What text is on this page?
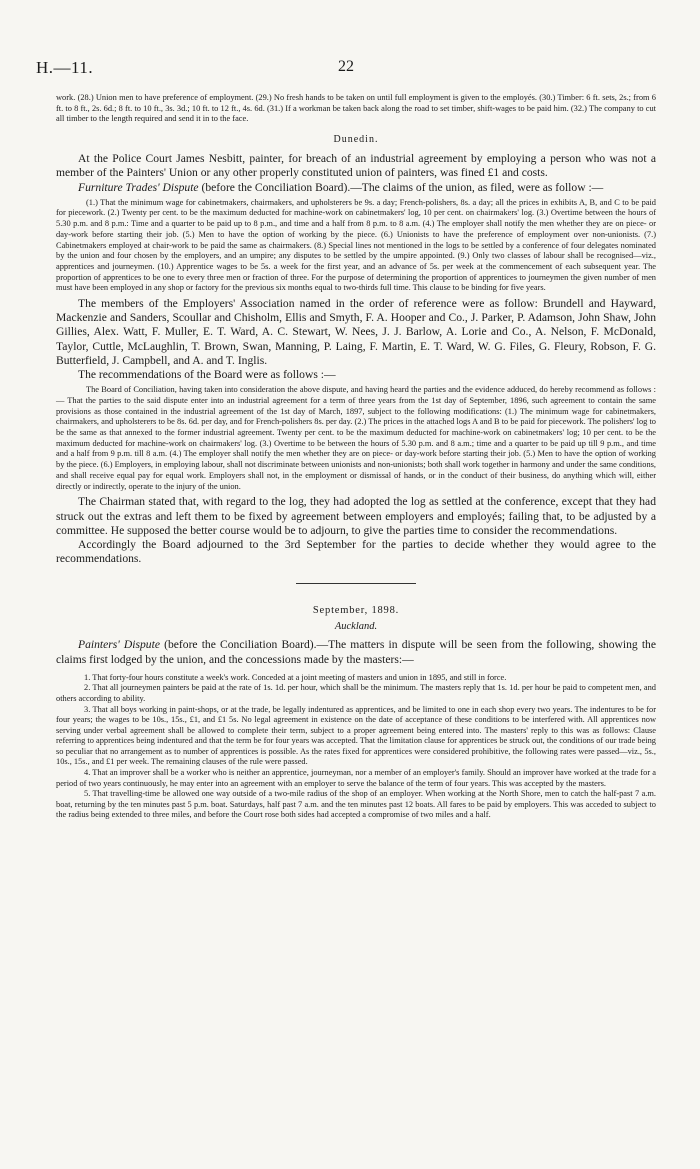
H.—11.	22

work. (28.) Union men to have preference of employment. (29.) No fresh hands to be taken on until full employment is given to the employés. (30.) Timber: 6 ft. sets, 2s.; from 6 ft. to 8 ft., 2s. 6d.; 8 ft. to 10 ft., 3s. 3d.; 10 ft. to 12 ft., 4s. 6d. (31.) If a workman be taken back along the road to set timber, shift-wages to be paid him. (32.) The company to cut all timber to the length required and send it in to the face.

Dunedin.

At the Police Court James Nesbitt, painter, for breach of an industrial agreement by employing a person who was not a member of the Painters' Union or any other properly constituted union of painters, was fined £1 and costs.

Furniture Trades' Dispute (before the Conciliation Board).—The claims of the union, as filed, were as follow :—

(1.) That the minimum wage for cabinetmakers, chairmakers, and upholsterers be 9s. a day; French-polishers, 8s. a day; all the prices in exhibits A, B, and C to be paid for piecework. (2.) Twenty per cent. to be the maximum deducted for machine-work on cabinetmakers' log, 10 per cent. on chairmakers' log. (3.) Overtime between the hours of 5.30 p.m. and 8 p.m.: Time and a quarter to be paid up to 8 p.m., and time and a half from 8 p.m. to 8 a.m. (4.) The employer shall notify the men whether they are on piece- or day-work before starting their job. (5.) Men to have the option of working by the piece. (6.) Unionists to have the preference of employment over non-unionists. (7.) Cabinetmakers employed at chair-work to be paid the same as chairmakers. (8.) Special lines not mentioned in the logs to be settled by a conference of four delegates nominated by the union and four chosen by the employers, and an umpire; any disputes to be settled by the umpire appointed. (9.) Only two classes of labour shall be recognised—viz., apprentices and journeymen. (10.) Apprentice wages to be 5s. a week for the first year, and an advance of 5s. per week at the commencement of each subsequent year. The proportion of apprentices to be one to every three men or fraction of three. For the purpose of determining the proportion of apprentices to journeymen the given number of men must have been employed in any shop or factory for the previous six months equal to two-thirds full time. This clause to be binding for five years.

The members of the Employers' Association named in the order of reference were as follow: Brundell and Hayward, Mackenzie and Sanders, Scoullar and Chisholm, Ellis and Smyth, F. A. Hooper and Co., J. Parker, P. Adamson, John Shaw, John Gillies, Alex. Watt, F. Muller, E. T. Ward, A. C. Stewart, W. Nees, J. J. Barlow, A. Lorie and Co., A. Nelson, F. McDonald, Taylor, Cuttle, McLaughlin, T. Brown, Swan, Manning, P. Laing, F. Martin, E. T. Ward, W. G. Files, G. Fleury, Robson, F. G. Butterfield, J. Campbell, and A. and T. Inglis.

The recommendations of the Board were as follows :—

The Board of Conciliation, having taken into consideration the above dispute, and having heard the parties and the evidence adduced, do hereby recommend as follows :— That the parties to the said dispute enter into an industrial agreement for a term of three years from the 1st day of September, 1896, such agreement to contain the same provisions as those contained in the industrial agreement of the 1st day of March, 1897, subject to the following modifications: (1.) The minimum wage for cabinetmakers, chairmakers, and upholsterers to be 8s. 6d. per day, and for French-polishers 8s. per day. (2.) The prices in the attached logs A and B to be paid for piecework. The polishers' log to be the same as that annexed to the former industrial agreement. Twenty per cent. to be the maximum deducted for machine-work on cabinetmakers' log; 10 per cent. to be the maximum deducted for machine-work on chairmakers' log. (3.) Overtime to be between the hours of 5.30 p.m. and 8 a.m.; time and a quarter to be paid up till 9 p.m., and time and a half from 9 p.m. till 8 a.m. (4.) The employer shall notify the men whether they are on piece- or day-work before starting their job. (5.) Men to have the option of working by the piece. (6.) Employers, in employing labour, shall not discriminate between unionists and non-unionists; both shall work together in harmony and under the same conditions, and shall receive equal pay for equal work. Employers shall not, in the employment or dismissal of hands, or in the conduct of their business, do anything which will, either directly or indirectly, operate to the injury of the union.

The Chairman stated that, with regard to the log, they had adopted the log as settled at the conference, except that they had struck out the extras and left them to be fixed by agreement between employers and employés; failing that, to be adjusted by a committee. He supposed the better course would be to adjourn, to give the parties time to consider the recommendations.

Accordingly the Board adjourned to the 3rd September for the parties to decide whether they would agree to the recommendations.

September, 1898.
Auckland.

Painters' Dispute (before the Conciliation Board).—The matters in dispute will be seen from the following, showing the claims first lodged by the union, and the concessions made by the masters:—

1. That forty-four hours constitute a week's work. Conceded at a joint meeting of masters and union in 1895, and still in force.

2. That all journeymen painters be paid at the rate of 1s. 1d. per hour, which shall be the minimum. The masters reply that 1s. 1d. per hour be paid to competent men, and others according to ability.

3. That all boys working in paint-shops, or at the trade, be legally indentured as apprentices, and be limited to one in each shop every two years. The indentures to be for four years; the wages to be 10s., 15s., £1, and £1 5s. No legal agreement in existence on the date of acceptance of these conditions to be interfered with. All apprentices now serving under verbal agreement shall be allowed to complete their term, subject to a proper agreement being entered into. The masters' reply to this was as follows: Clause referring to apprentices being indentured and that the term be for four years was accepted. That the limitation clause for apprentices be struck out, the conditions of our trade being so peculiar that no arrangement as to number of apprentices is possible. As the rates fixed for apprentices were considered prohibitive, the following rates were passed—viz., 5s., 10s., 15s., and £1 per week. The remaining clauses of the rule were passed.

4. That an improver shall be a worker who is neither an apprentice, journeyman, nor a member of an employer's family. Should an improver have worked at the trade for a period of two years continuously, he may enter into an agreement with an employer to serve the balance of the term of four years. This was accepted by the masters.

5. That travelling-time be allowed one way outside of a two-mile radius of the shop of an employer. When working at the North Shore, men to catch the half-past 7 a.m. boat, returning by the ten minutes past 5 p.m. boat. Saturdays, half past 7 a.m. and the ten minutes past 12 boats. All fares to be paid by employers. This was acceded to subject to the radius being extended to three miles, and before the Court rose both sides had accepted a compromise of two miles and a half.
